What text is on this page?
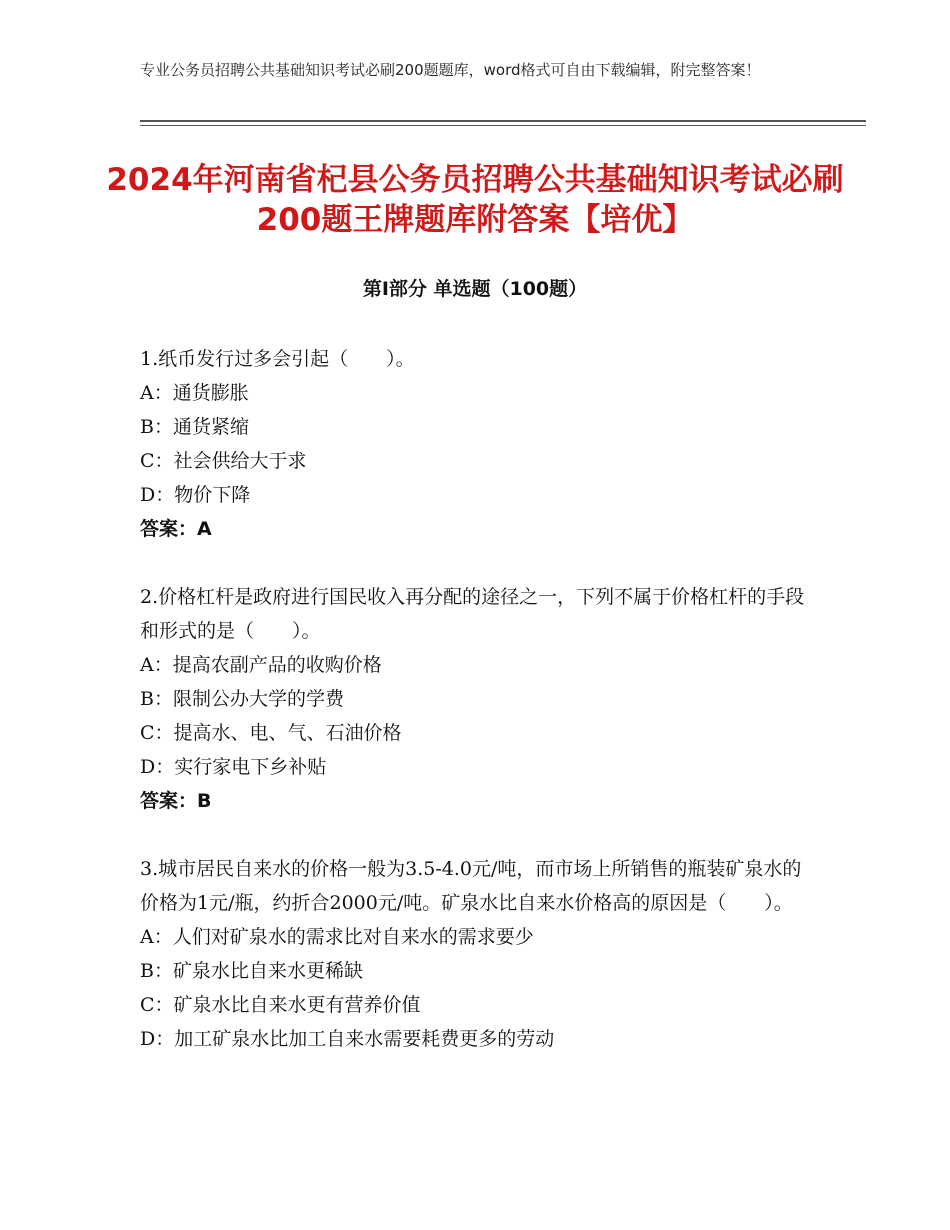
专业公务员招聘公共基础知识考试必刷200题题库，word格式可自由下载编辑，附完整答案！
2024年河南省杞县公务员招聘公共基础知识考试必刷200题王牌题库附答案【培优】
第Ⅰ部分 单选题（100题）
1.纸币发行过多会引起（　　）。
A：通货膨胀
B：通货紧缩
C：社会供给大于求
D：物价下降
答案：A
2.价格杠杆是政府进行国民收入再分配的途径之一，下列不属于价格杠杆的手段和形式的是（　　）。
A：提高农副产品的收购价格
B：限制公办大学的学费
C：提高水、电、气、石油价格
D：实行家电下乡补贴
答案：B
3.城市居民自来水的价格一般为3.5-4.0元/吨，而市场上所销售的瓶装矿泉水的价格为1元/瓶，约折合2000元/吨。矿泉水比自来水价格高的原因是（　　）。
A：人们对矿泉水的需求比对自来水的需求要少
B：矿泉水比自来水更稀缺
C：矿泉水比自来水更有营养价值
D：加工矿泉水比加工自来水需要耗费更多的劳动
